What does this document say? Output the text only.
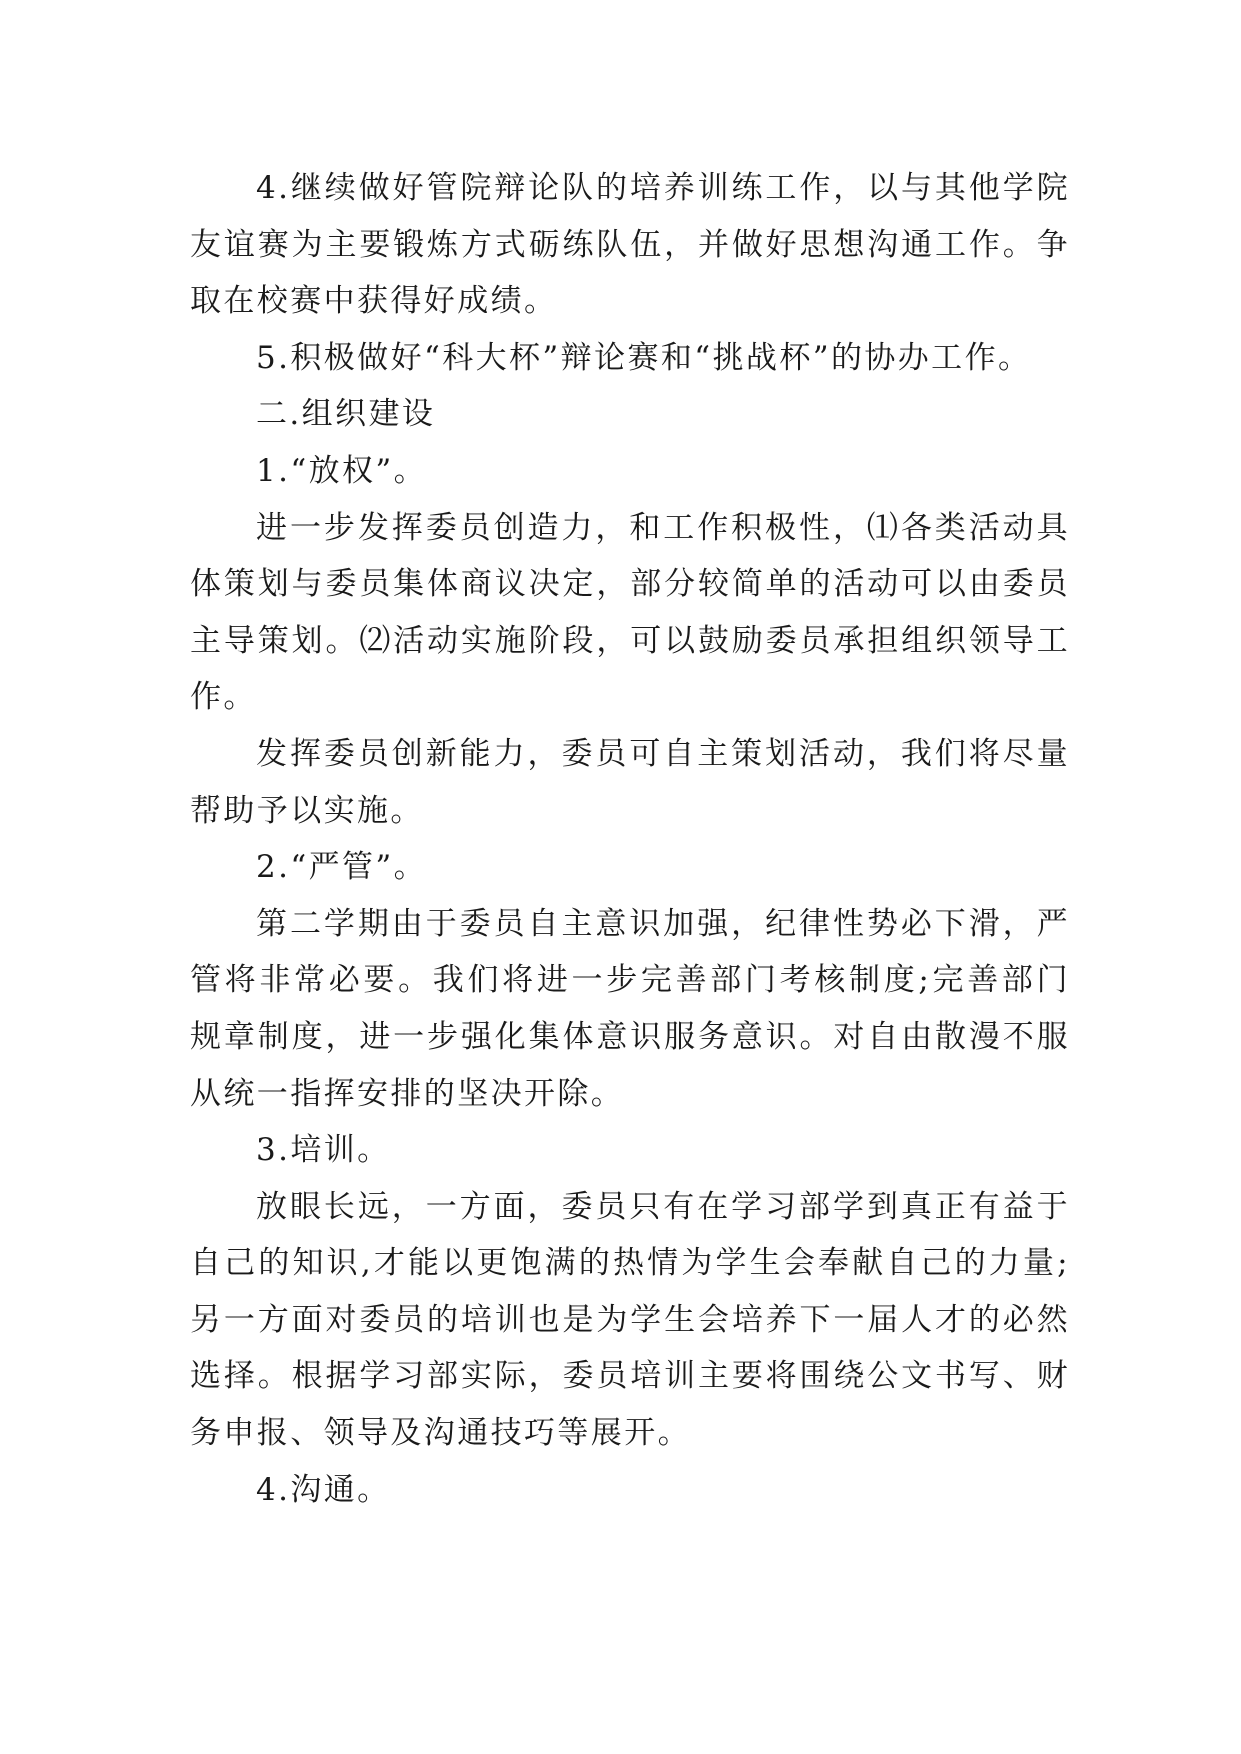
4.继续做好管院辩论队的培养训练工作，以与其他学院友谊赛为主要锻炼方式砺练队伍，并做好思想沟通工作。争取在校赛中获得好成绩。

5.积极做好“科大杯”辩论赛和“挑战杯”的协办工作。

二.组织建设

1.“放权”。

进一步发挥委员创造力，和工作积极性，⑴各类活动具体策划与委员集体商议决定，部分较简单的活动可以由委员主导策划。⑵活动实施阶段，可以鼓励委员承担组织领导工作。

发挥委员创新能力，委员可自主策划活动，我们将尽量帮助予以实施。

2.“严管”。

第二学期由于委员自主意识加强，纪律性势必下滑，严管将非常必要。我们将进一步完善部门考核制度;完善部门规章制度，进一步强化集体意识服务意识。对自由散漫不服从统一指挥安排的坚决开除。

3.培训。

放眼长远，一方面，委员只有在学习部学到真正有益于自己的知识,才能以更饱满的热情为学生会奉献自己的力量;另一方面对委员的培训也是为学生会培养下一届人才的必然选择。根据学习部实际，委员培训主要将围绕公文书写、财务申报、领导及沟通技巧等展开。

4.沟通。
